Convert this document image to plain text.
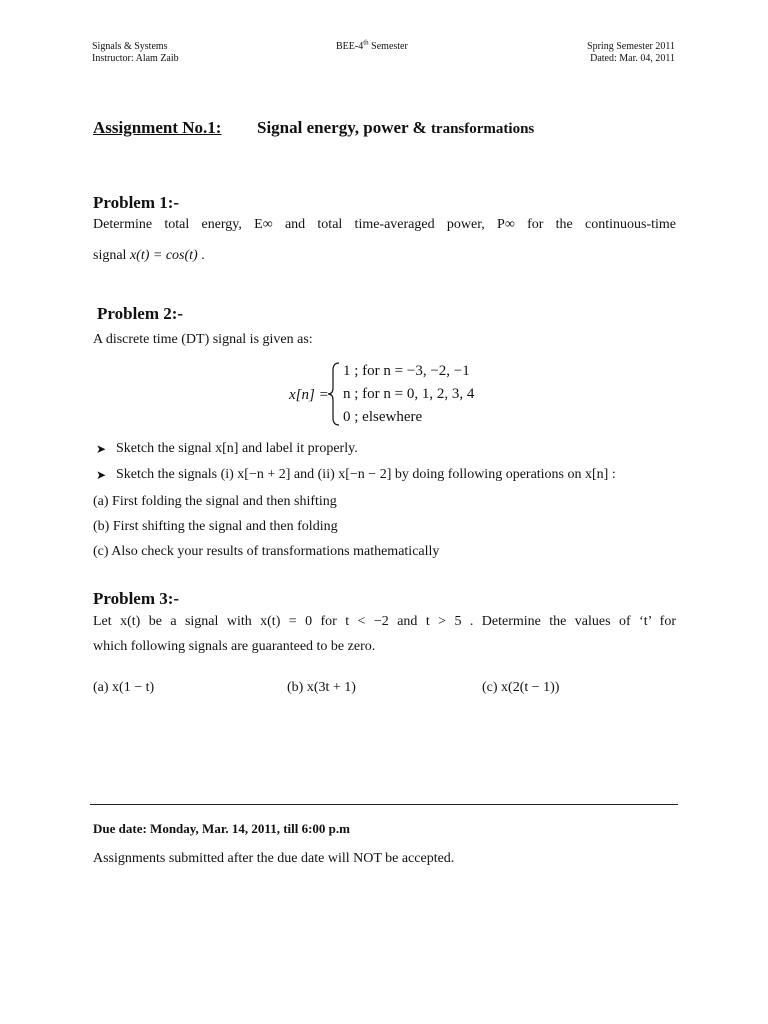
Signals & Systems
Instructor: Alam Zaib
BEE-4th Semester	Spring Semester 2011
Dated: Mar. 04, 2011
Assignment No.1: Signal energy, power & transformations
Problem 1:-
Determine total energy, E∞ and total time-averaged power, P∞ for the continuous-time
signal x(t) = cos(t) .
Problem 2:-
A discrete time (DT) signal is given as:
x[n] =
1 ; for n = −3, −2, −1
n ; for n = 0, 1, 2, 3, 4
0 ; elsewhere
➤ Sketch the signal x[n] and label it properly.
➤ Sketch the signals (i) x[−n + 2] and (ii) x[−n − 2] by doing following operations on x[n] :
(a) First folding the signal and then shifting
(b) First shifting the signal and then folding
(c) Also check your results of transformations mathematically
Problem 3:-
Let x(t) be a signal with x(t) = 0 for t < −2 and t > 5 . Determine the values of ‘t’ for
which following signals are guaranteed to be zero.
(a) x(1 − t)	(b) x(3t + 1)	(c) x(2(t − 1))
Due date: Monday, Mar. 14, 2011, till 6:00 p.m
Assignments submitted after the due date will NOT be accepted.
